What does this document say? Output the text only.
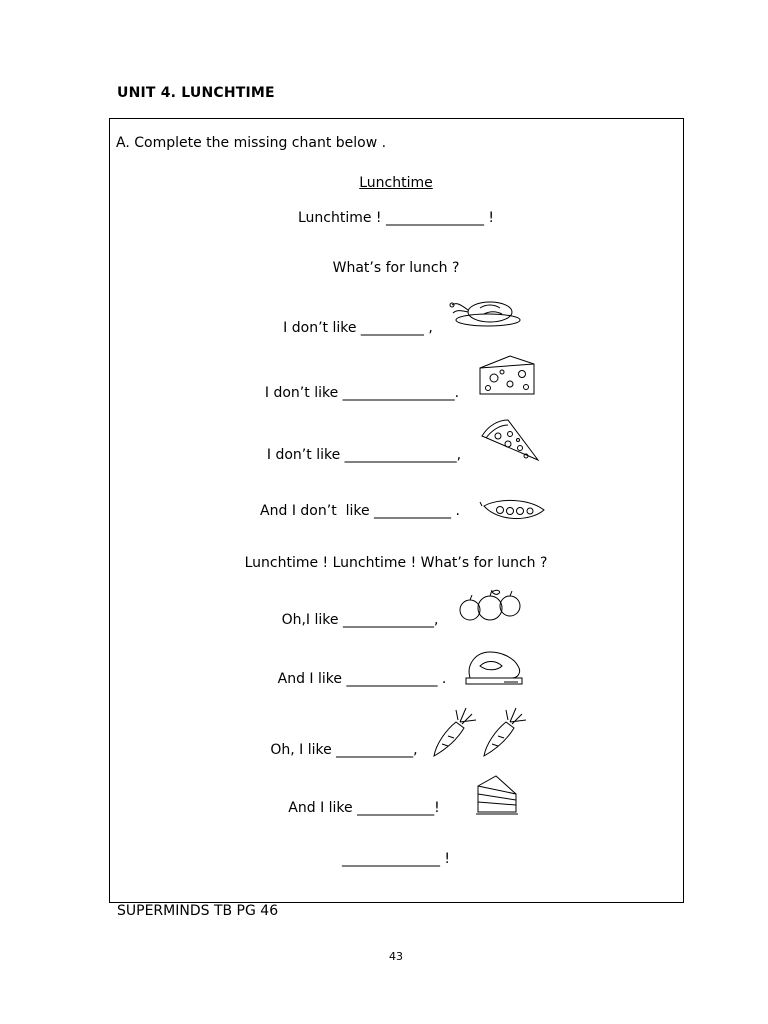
UNIT 4. LUNCHTIME
A. Complete the missing chant below .
Lunchtime
Lunchtime ! ______________ !
What’s for lunch ?
I don’t like _________ ,
I don’t like ________________.
I don’t like ________________,
And I don’t  like ___________ .
Lunchtime ! Lunchtime ! What’s for lunch ?
Oh,I like _____________,
And I like _____________ .
Oh, I like ___________,
And I like ___________!
______________ !
SUPERMINDS TB PG 46
43
